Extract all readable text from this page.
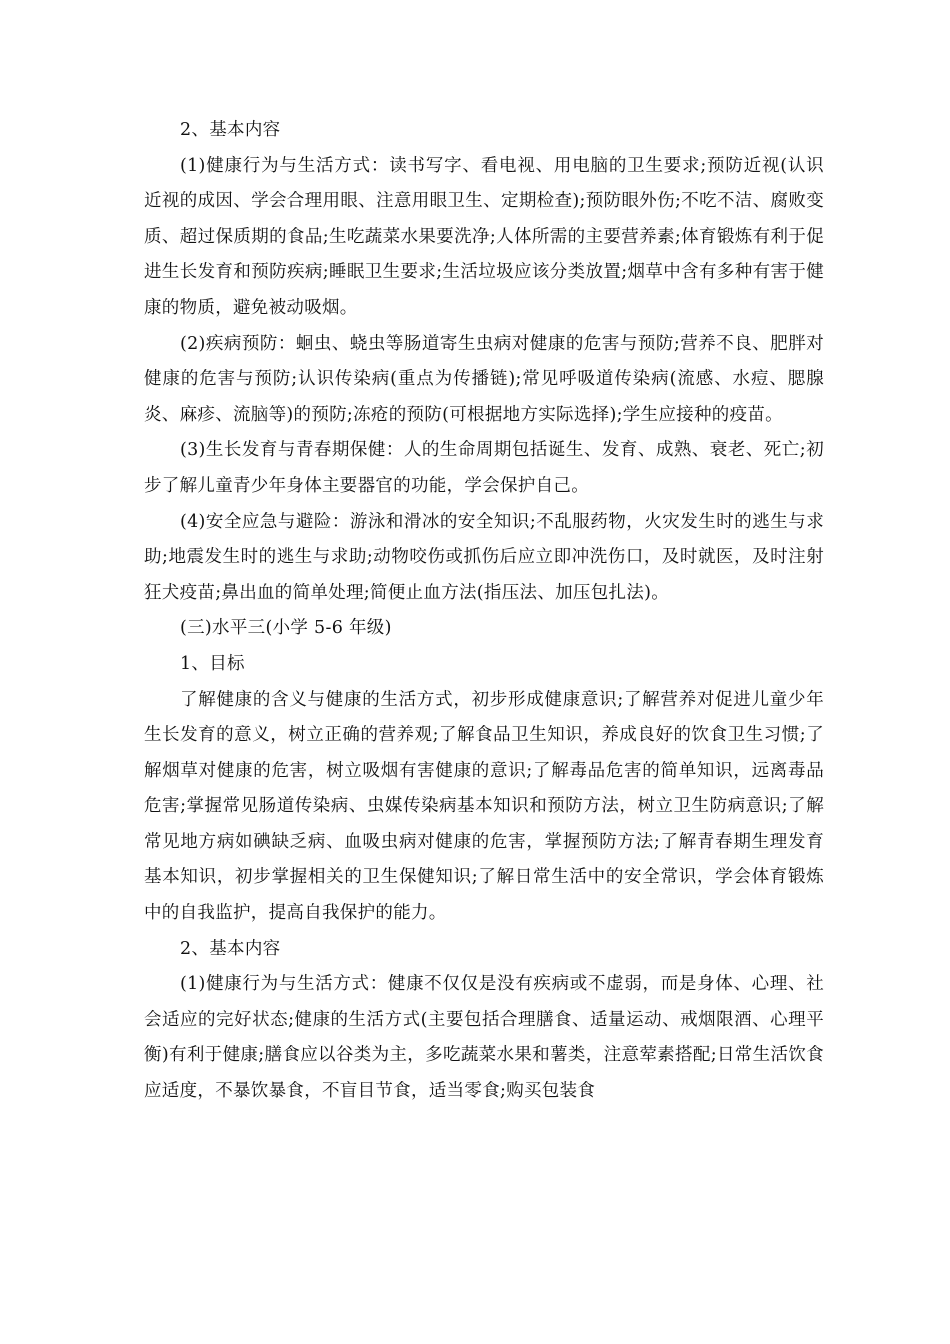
2、基本内容

(1)健康行为与生活方式：读书写字、看电视、用电脑的卫生要求;预防近视(认识近视的成因、学会合理用眼、注意用眼卫生、定期检查);预防眼外伤;不吃不洁、腐败变质、超过保质期的食品;生吃蔬菜水果要洗净;人体所需的主要营养素;体育锻炼有利于促进生长发育和预防疾病;睡眠卫生要求;生活垃圾应该分类放置;烟草中含有多种有害于健康的物质，避免被动吸烟。

(2)疾病预防：蛔虫、蛲虫等肠道寄生虫病对健康的危害与预防;营养不良、肥胖对健康的危害与预防;认识传染病(重点为传播链);常见呼吸道传染病(流感、水痘、腮腺炎、麻疹、流脑等)的预防;冻疮的预防(可根据地方实际选择);学生应接种的疫苗。

(3)生长发育与青春期保健：人的生命周期包括诞生、发育、成熟、衰老、死亡;初步了解儿童青少年身体主要器官的功能，学会保护自己。

(4)安全应急与避险：游泳和滑冰的安全知识;不乱服药物，火灾发生时的逃生与求助;地震发生时的逃生与求助;动物咬伤或抓伤后应立即冲洗伤口，及时就医，及时注射狂犬疫苗;鼻出血的简单处理;简便止血方法(指压法、加压包扎法)。

(三)水平三(小学 5-6 年级)

1、目标

了解健康的含义与健康的生活方式，初步形成健康意识;了解营养对促进儿童少年生长发育的意义，树立正确的营养观;了解食品卫生知识，养成良好的饮食卫生习惯;了解烟草对健康的危害，树立吸烟有害健康的意识;了解毒品危害的简单知识，远离毒品危害;掌握常见肠道传染病、虫媒传染病基本知识和预防方法，树立卫生防病意识;了解常见地方病如碘缺乏病、血吸虫病对健康的危害，掌握预防方法;了解青春期生理发育基本知识，初步掌握相关的卫生保健知识;了解日常生活中的安全常识，学会体育锻炼中的自我监护，提高自我保护的能力。

2、基本内容

(1)健康行为与生活方式：健康不仅仅是没有疾病或不虚弱，而是身体、心理、社会适应的完好状态;健康的生活方式(主要包括合理膳食、适量运动、戒烟限酒、心理平衡)有利于健康;膳食应以谷类为主，多吃蔬菜水果和薯类，注意荤素搭配;日常生活饮食应适度，不暴饮暴食，不盲目节食，适当零食;购买包装食
